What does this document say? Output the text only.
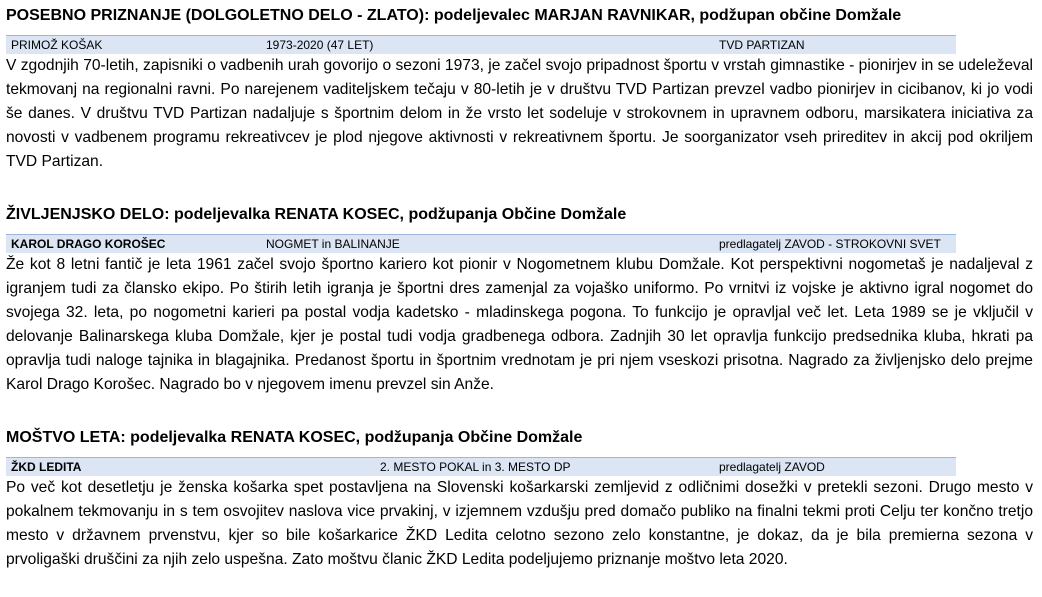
POSEBNO PRIZNANJE (DOLGOLETNO DELO - ZLATO): podeljevalec MARJAN RAVNIKAR, podžupan občine Domžale
PRIMOŽ KOŠAK	1973-2020 (47 LET)	TVD PARTIZAN

V zgodnjih 70-letih, zapisniki o vadbenih urah govorijo o sezoni 1973, je začel svojo pripadnost športu v vrstah gimnastike - pionirjev in se udeleževal tekmovanj na regionalni ravni. Po narejenem vaditeljskem tečaju v 80-letih je v društvu TVD Partizan prevzel vadbo pionirjev in cicibanov, ki jo vodi še danes. V društvu TVD Partizan nadaljuje s športnim delom in že vrsto let sodeluje v strokovnem in upravnem odboru, marsikatera iniciativa za novosti v vadbenem programu rekreativcev je plod njegove aktivnosti v rekreativnem športu. Je soorganizator vseh prireditev in akcij pod okriljem TVD Partizan.

ŽIVLJENJSKO DELO: podeljevalka RENATA KOSEC, podžupanja Občine Domžale
KAROL DRAGO KOROŠEC	NOGMET in BALINANJE	predlagatelj ZAVOD - STROKOVNI SVET

Že kot 8 letni fantič je leta 1961 začel svojo športno kariero kot pionir v Nogometnem klubu Domžale. Kot perspektivni nogometaš je nadaljeval z igranjem tudi za člansko ekipo. Po štirih letih igranja je športni dres zamenjal za vojaško uniformo. Po vrnitvi iz vojske je aktivno igral nogomet do svojega 32. leta, po nogometni karieri pa postal vodja kadetsko - mladinskega pogona. To funkcijo je opravljal več let. Leta 1989 se je vključil v delovanje Balinarskega kluba Domžale, kjer je postal tudi vodja gradbenega odbora. Zadnjih 30 let opravlja funkcijo predsednika kluba, hkrati pa opravlja tudi naloge tajnika in blagajnika. Predanost športu in športnim vrednotam je pri njem vseskozi prisotna. Nagrado za življenjsko delo prejme Karol Drago Korošec. Nagrado bo v njegovem imenu prevzel sin Anže.

MOŠTVO LETA: podeljevalka RENATA KOSEC, podžupanja Občine Domžale
ŽKD LEDITA	2. MESTO POKAL in 3. MESTO DP	predlagatelj ZAVOD

Po več kot desetletju je ženska košarka spet postavljena na Slovenski košarkarski zemljevid z odličnimi dosežki v pretekli sezoni. Drugo mesto v pokalnem tekmovanju in s tem osvojitev naslova vice prvakinj, v izjemnem vzdušju pred domačo publiko na finalni tekmi proti Celju ter končno tretjo mesto v državnem prvenstvu, kjer so bile košarkarice ŽKD Ledita celotno sezono zelo konstantne, je dokaz, da je bila premierna sezona v prvoligaški druščini za njih zelo uspešna. Zato moštvu članic ŽKD Ledita podeljujemo priznanje moštvo leta 2020.
